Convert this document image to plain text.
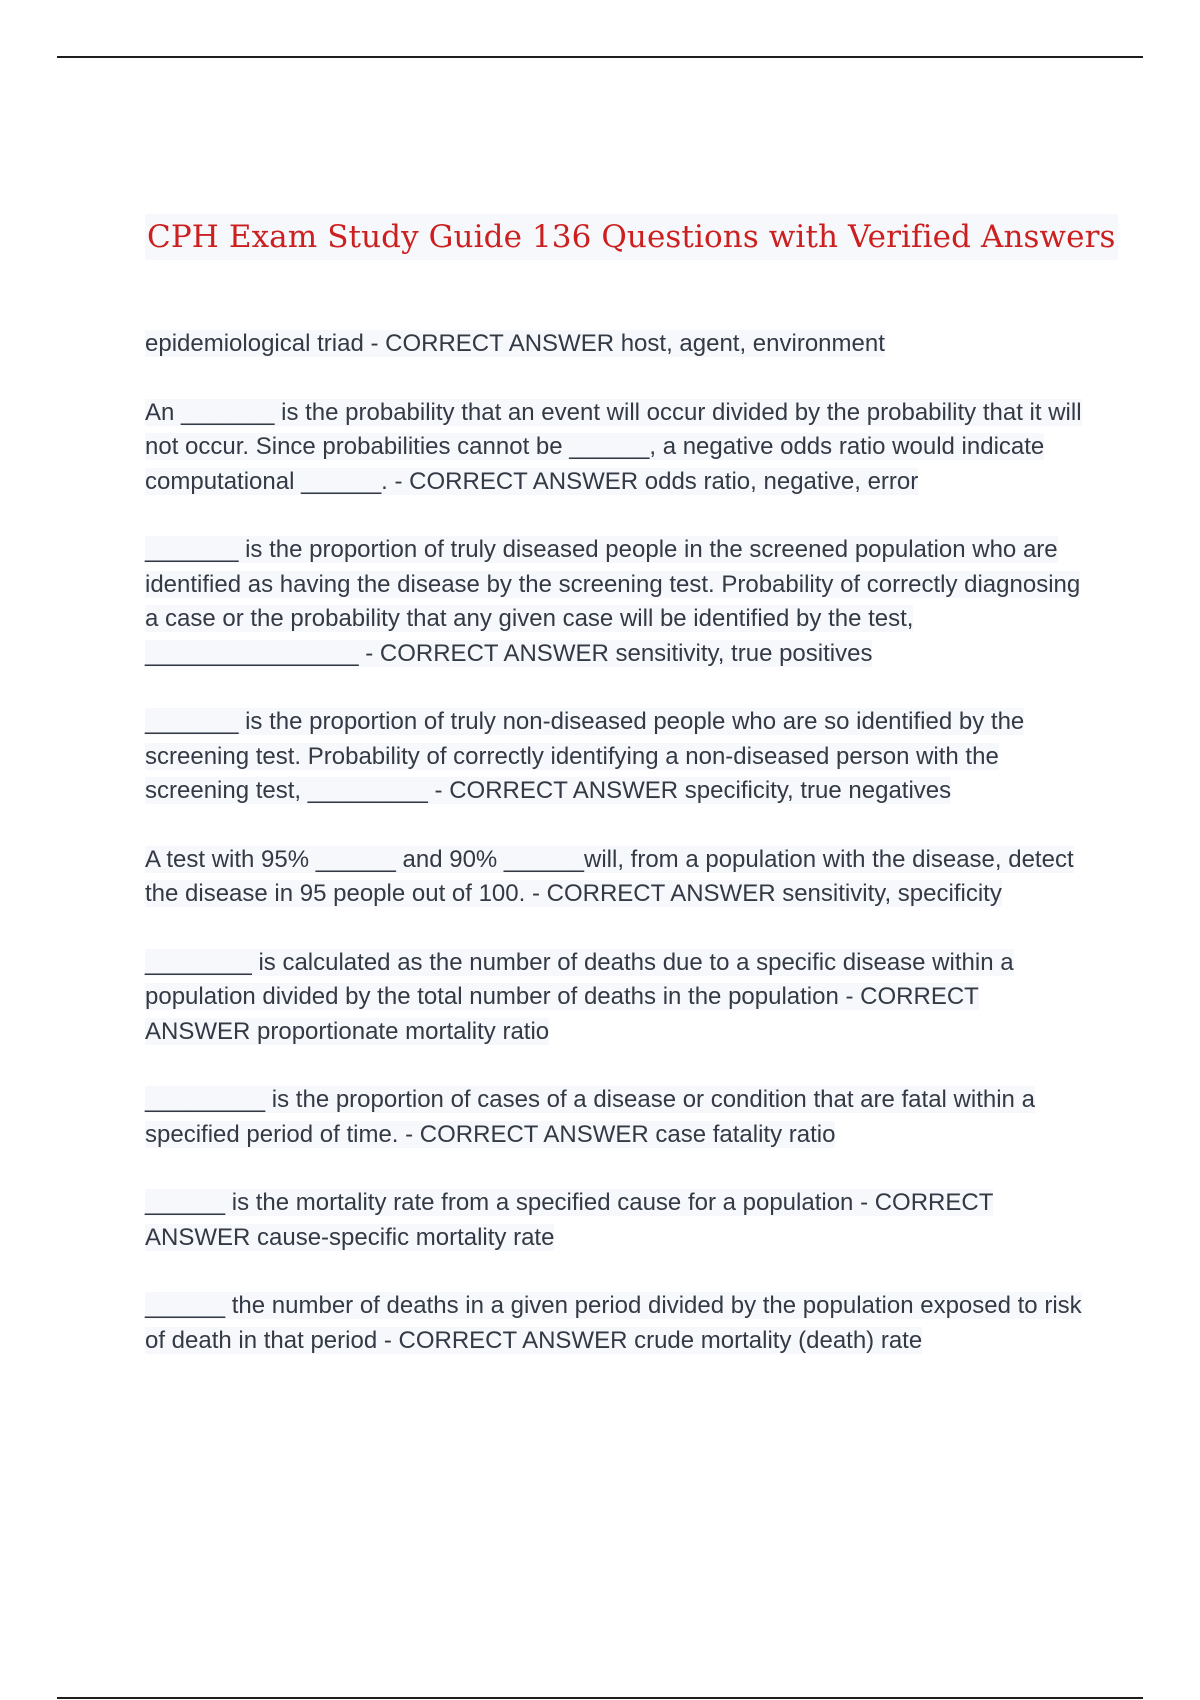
CPH Exam Study Guide 136 Questions with Verified Answers
epidemiological triad - CORRECT ANSWER host, agent, environment
An _______ is the probability that an event will occur divided by the probability that it will not occur. Since probabilities cannot be ______, a negative odds ratio would indicate computational ______. - CORRECT ANSWER odds ratio, negative, error
_______ is the proportion of truly diseased people in the screened population who are identified as having the disease by the screening test. Probability of correctly diagnosing a case or the probability that any given case will be identified by the test, ________________ - CORRECT ANSWER sensitivity, true positives
_______ is the proportion of truly non-diseased people who are so identified by the screening test. Probability of correctly identifying a non-diseased person with the screening test, _________ - CORRECT ANSWER specificity, true negatives
A test with 95% ______ and 90% ______will, from a population with the disease, detect the disease in 95 people out of 100. - CORRECT ANSWER sensitivity, specificity
________ is calculated as the number of deaths due to a specific disease within a population divided by the total number of deaths in the population - CORRECT ANSWER proportionate mortality ratio
_________ is the proportion of cases of a disease or condition that are fatal within a specified period of time. - CORRECT ANSWER case fatality ratio
______ is the mortality rate from a specified cause for a population - CORRECT ANSWER cause-specific mortality rate
______ the number of deaths in a given period divided by the population exposed to risk of death in that period - CORRECT ANSWER crude mortality (death) rate
